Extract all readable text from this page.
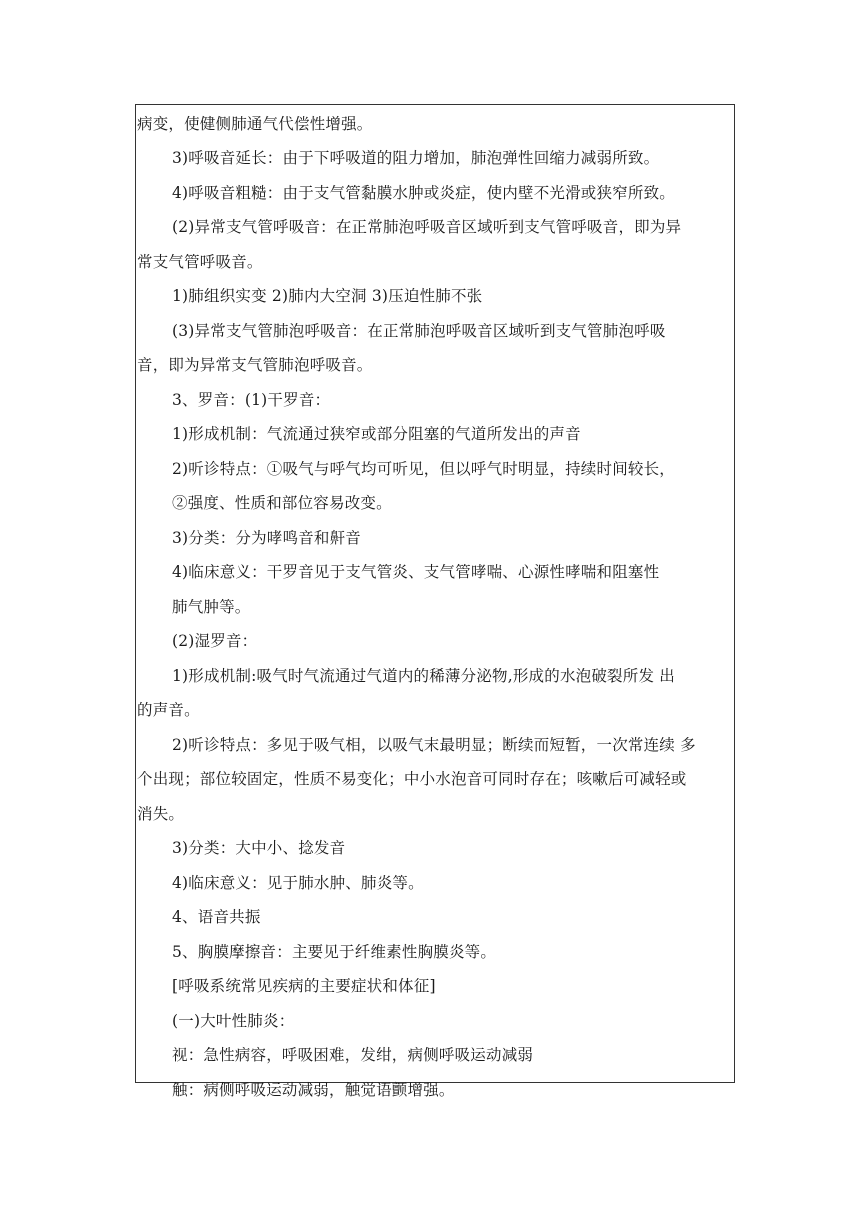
病变，使健侧肺通气代偿性增强。
3)呼吸音延长：由于下呼吸道的阻力增加，肺泡弹性回缩力减弱所致。
4)呼吸音粗糙：由于支气管黏膜水肿或炎症，使内壁不光滑或狭窄所致。
(2)异常支气管呼吸音：在正常肺泡呼吸音区域听到支气管呼吸音，即为异
常支气管呼吸音。
1)肺组织实变 2)肺内大空洞 3)压迫性肺不张
(3)异常支气管肺泡呼吸音：在正常肺泡呼吸音区域听到支气管肺泡呼吸
音，即为异常支气管肺泡呼吸音。
3、罗音：(1)干罗音：
1)形成机制：气流通过狭窄或部分阻塞的气道所发出的声音
2)听诊特点：①吸气与呼气均可听见，但以呼气时明显，持续时间较长，
②强度、性质和部位容易改变。
3)分类：分为哮鸣音和鼾音
4)临床意义：干罗音见于支气管炎、支气管哮喘、心源性哮喘和阻塞性
肺气肿等。
(2)湿罗音：
1)形成机制:吸气时气流通过气道内的稀薄分泌物,形成的水泡破裂所发 出
的声音。
2)听诊特点：多见于吸气相，以吸气末最明显；断续而短暂，一次常连续 多
个出现；部位较固定，性质不易变化；中小水泡音可同时存在；咳嗽后可减轻或
消失。
3)分类：大中小、捻发音
4)临床意义：见于肺水肿、肺炎等。
4、语音共振
5、胸膜摩擦音：主要见于纤维素性胸膜炎等。
[呼吸系统常见疾病的主要症状和体征]
(一)大叶性肺炎：
视：急性病容，呼吸困难，发绀，病侧呼吸运动减弱
触：病侧呼吸运动减弱，触觉语颤增强。
